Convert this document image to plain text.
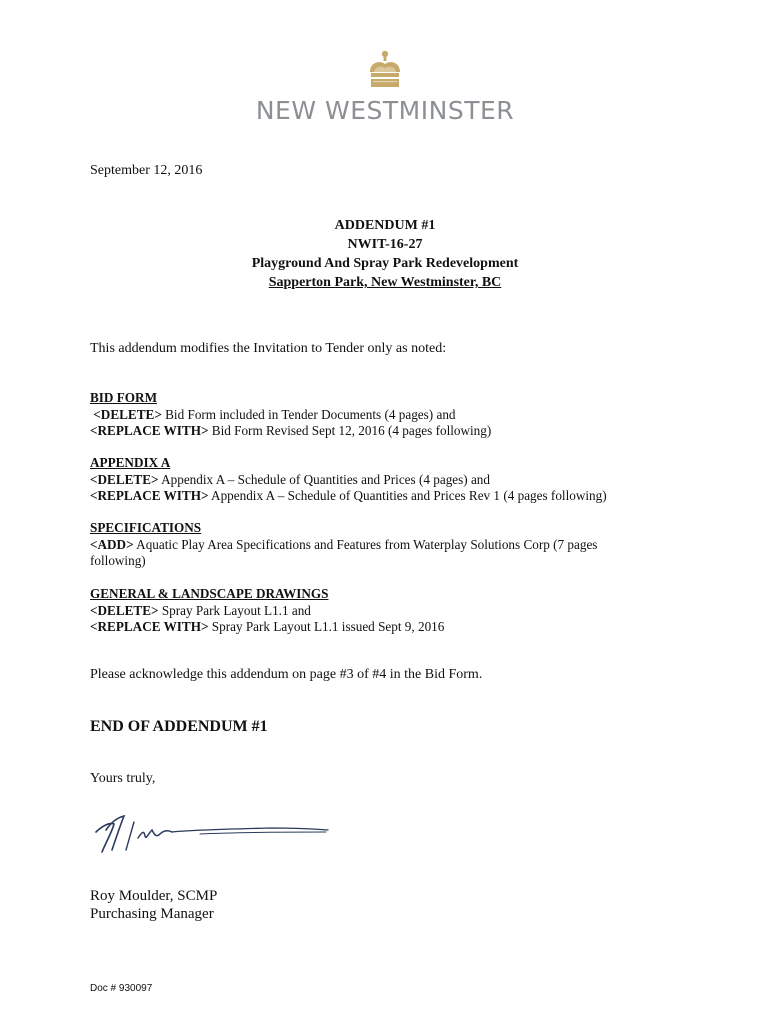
NEW WESTMINSTER
September 12, 2016
ADDENDUM #1
NWIT-16-27
Playground And Spray Park Redevelopment
Sapperton Park, New Westminster, BC
This addendum modifies the Invitation to Tender only as noted:
BID FORM
<DELETE> Bid Form included in Tender Documents (4 pages) and
<REPLACE WITH> Bid Form Revised Sept 12, 2016 (4 pages following)
APPENDIX A
<DELETE> Appendix A – Schedule of Quantities and Prices (4 pages) and
<REPLACE WITH> Appendix A – Schedule of Quantities and Prices Rev 1 (4 pages following)
SPECIFICATIONS
<ADD> Aquatic Play Area Specifications and Features from Waterplay Solutions Corp (7 pages following)
GENERAL & LANDSCAPE DRAWINGS
<DELETE> Spray Park Layout L1.1 and
<REPLACE WITH> Spray Park Layout L1.1 issued Sept 9, 2016
Please acknowledge this addendum on page #3 of #4 in the Bid Form.
END OF ADDENDUM #1
Yours truly,
Roy Moulder, SCMP
Purchasing Manager
Doc # 930097
